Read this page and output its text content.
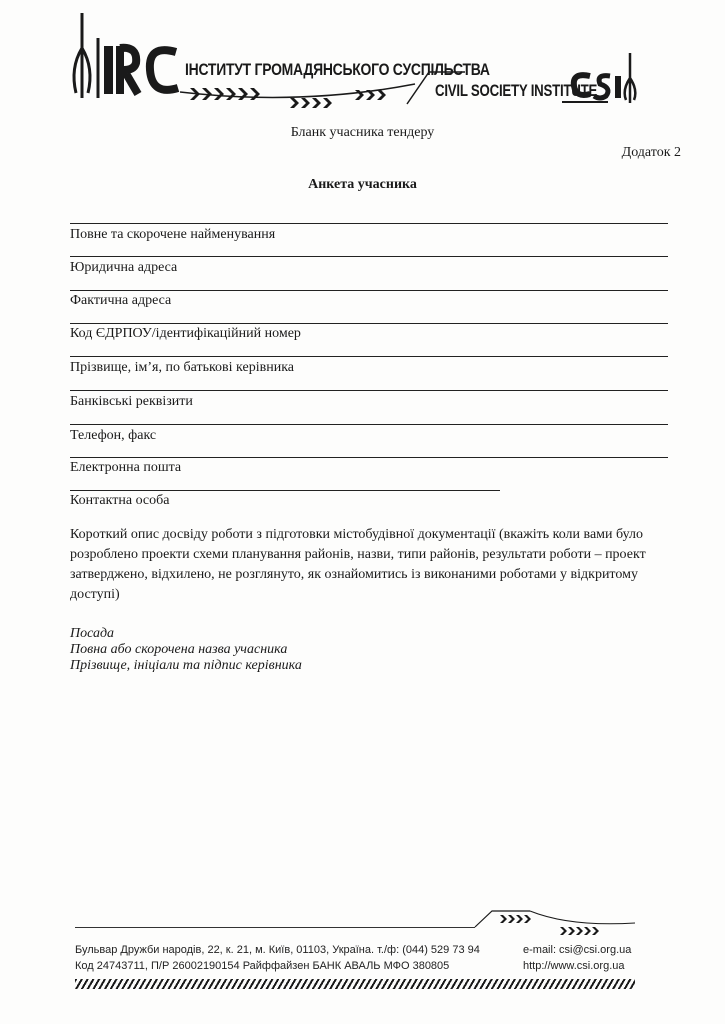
ІНСТИТУТ ГРОМАДЯНСЬКОГО СУСПІЛЬСТВА
CIVIL SOCIETY INSTITUTE
Бланк учасника тендеру
Додаток 2
Анкета учасника
Повне та скорочене найменування
Юридична адреса
Фактична адреса
Код ЄДРПОУ/ідентифікаційний номер
Прізвище, ім’я, по батькові керівника
Банківські реквізити
Телефон, факс
Електронна пошта
Контактна особа
Короткий опис досвіду роботи з підготовки містобудівної документації (вкажіть коли вами було розроблено проекти схеми планування районів, назви, типи районів, результати роботи – проект затверджено, відхилено, не розглянуто, як ознайомитись із виконаними роботами у відкритому доступі)
Посада
Повна або скорочена назва учасника
Прізвище, ініціали та підпис керівника
Бульвар Дружби народів, 22, к. 21, м. Київ, 01103, Україна. т./ф: (044) 529 73 94
Код 24743711, П/Р 26002190154 Райффайзен БАНК АВАЛЬ МФО 380805
e-mail: csi@csi.org.ua
http://www.csi.org.ua
